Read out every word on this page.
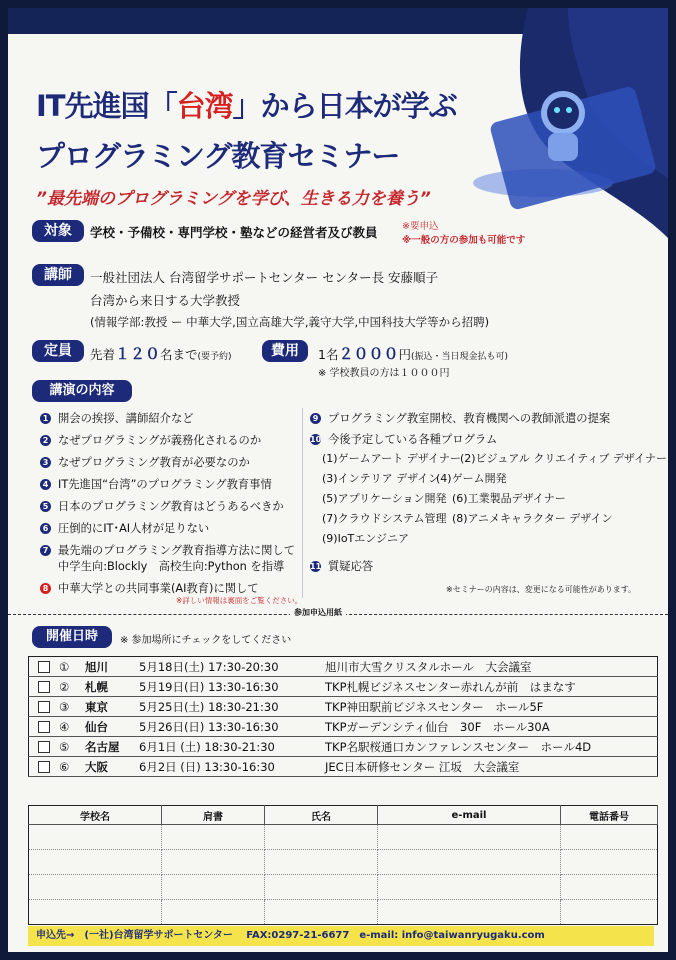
IT先進国「台湾」から日本が学ぶ
プログラミング教育セミナー
”最先端のプログラミングを学び、生きる力を養う”
対象	学校・予備校・専門学校・塾などの経営者及び教員	※要申込
※一般の方の参加も可能です
講師	一般社団法人 台湾留学サポートセンター センター長 安藤順子
台湾から来日する大学教授
(情報学部:教授 ー 中華大学,国立高雄大学,義守大学,中国科技大学等から招聘)
定員	先着１２０名まで(要予約)	費用	1名２０００円(振込・当日現金払も可)
※ 学校教員の方は１０００円
講演の内容
1 開会の挨拶、講師紹介など
2 なぜプログラミングが義務化されるのか
3 なぜプログラミング教育が必要なのか
4 IT先進国“台湾”のプログラミング教育事情
5 日本のプログラミング教育はどうあるべきか
6 圧倒的にIT･AI人材が足りない
7 最先端のプログラミング教育指導方法に関して
中学生向:Blockly　高校生向:Python を指導
8 中華大学との共同事業(AI教育)に関して
※詳しい情報は裏面をご覧ください。
9 プログラミング教室開校、教育機関への教師派遣の提案
10 今後予定している各種プログラム
(1)ゲームアート デザイナー (2)ビジュアル クリエイティブ デザイナー
(3)インテリア デザイン
(4)ゲーム開発
(5)アプリケーション開発 (6)工業製品デザイナー
(7)クラウドシステム管理 (8)アニメキャラクター デザイン
(9)IoTエンジニア
11 質疑応答
※セミナーの内容は、変更になる可能性があります。
参加申込用紙
開催日時	※ 参加場所にチェックをしてください
	①	旭川	5月18日(土) 17:30-20:30	旭川市大雪クリスタルホール　大会議室
	②	札幌	5月19日(日) 13:30-16:30	TKP札幌ビジネスセンター赤れんが前　はまなす
	③	東京	5月25日(土) 18:30-21:30	TKP神田駅前ビジネスセンター　ホール5F
	④	仙台	5月26日(日) 13:30-16:30	TKPガーデンシティ仙台　30F　ホール30A
	⑤	名古屋	6月1日 (土) 18:30-21:30	TKP名駅桜通口カンファレンスセンター　ホール4D
	⑥	大阪	6月2日 (日) 13:30-16:30	JEC日本研修センター 江坂　大会議室
学校名	肩書	氏名	e-mail	電話番号

申込先→　(一社)台湾留学サポートセンター　 FAX:0297-21-6677　e-mail: info@taiwanryugaku.com
